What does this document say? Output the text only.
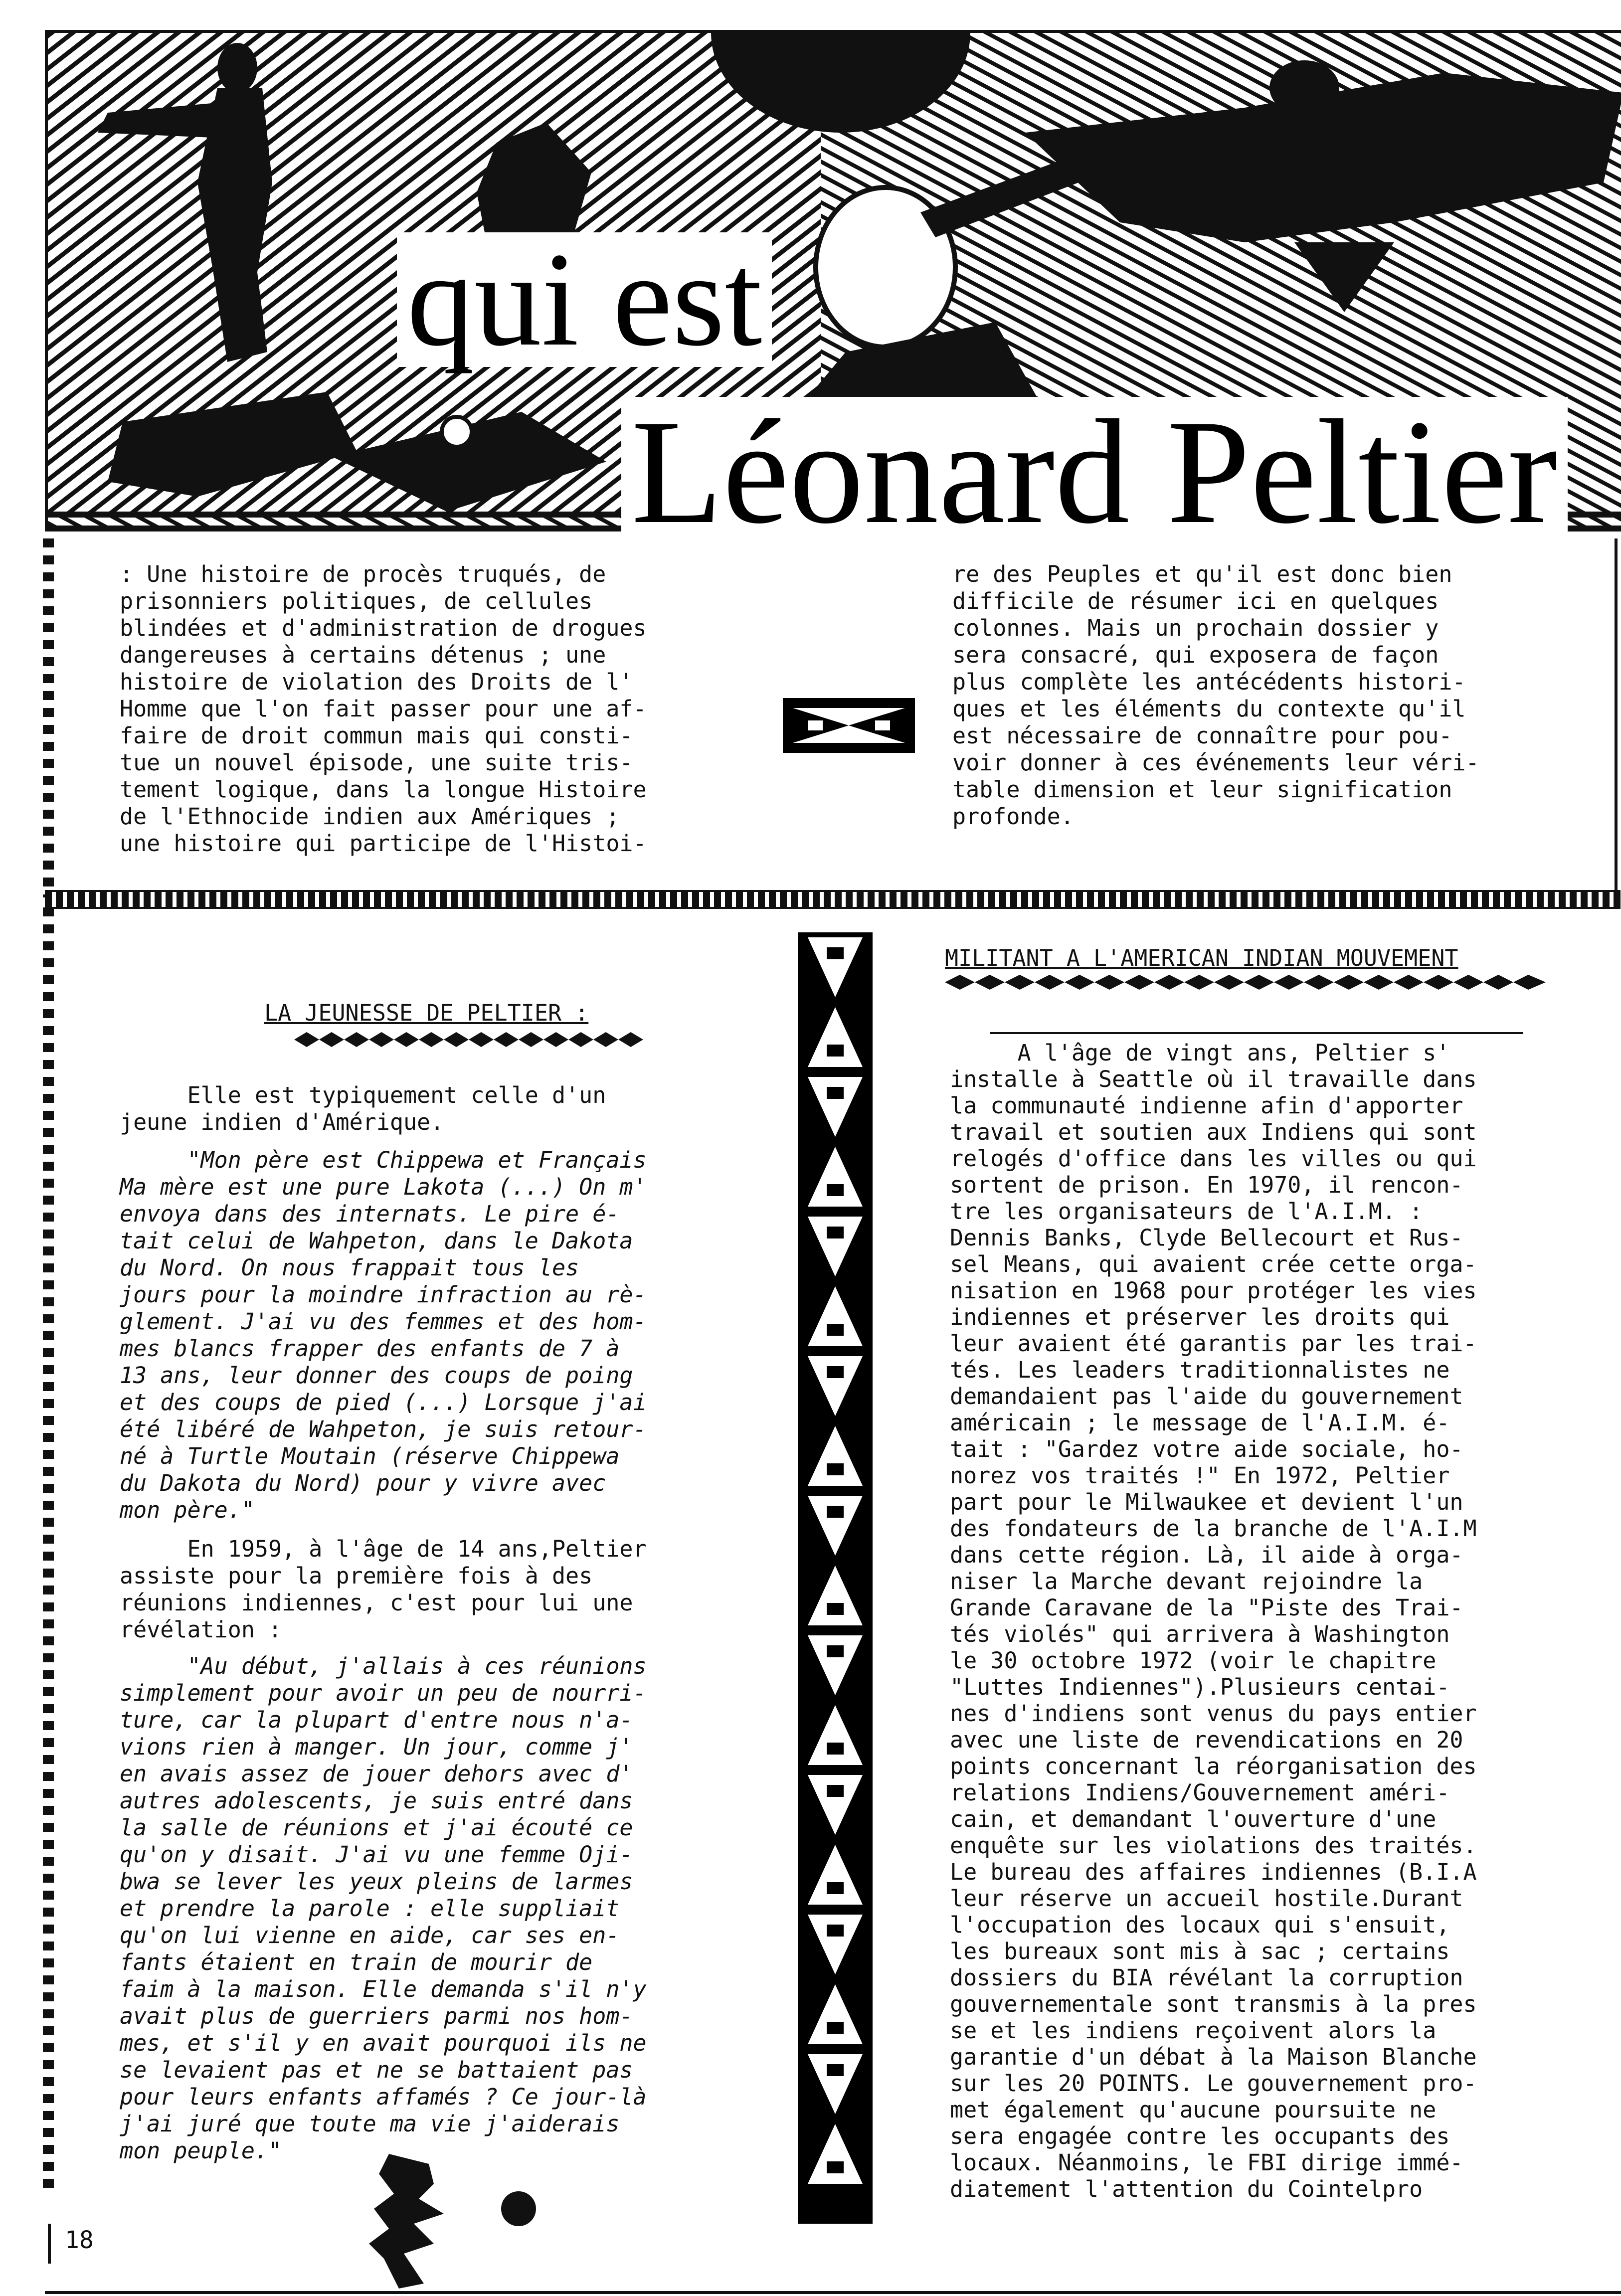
qui est
Léonard Peltier
: Une histoire de procès truqués, de
prisonniers politiques, de cellules
blindées et d'administration de drogues
dangereuses à certains détenus ; une
histoire de violation des Droits de l'
Homme que l'on fait passer pour une af-
faire de droit commun mais qui consti-
tue un nouvel épisode, une suite tris-
tement logique, dans la longue Histoire
de l'Ethnocide indien aux Amériques ;
une histoire qui participe de l'Histoi-
re des Peuples et qu'il est donc bien
difficile de résumer ici en quelques
colonnes. Mais un prochain dossier y
sera consacré, qui exposera de façon
plus complète les antécédents histori-
ques et les éléments du contexte qu'il
est nécessaire de connaître pour pou-
voir donner à ces événements leur véri-
table dimension et leur signification
profonde.
LA JEUNESSE DE PELTIER :
Elle est typiquement celle d'un
jeune indien d'Amérique.
"Mon père est Chippewa et Français
Ma mère est une pure Lakota (...) On m'
envoya dans des internats. Le pire é-
tait celui de Wahpeton, dans le Dakota
du Nord. On nous frappait tous les
jours pour la moindre infraction au rè-
glement. J'ai vu des femmes et des hom-
mes blancs frapper des enfants de 7 à
13 ans, leur donner des coups de poing
et des coups de pied (...) Lorsque j'ai
été libéré de Wahpeton, je suis retour-
né à Turtle Moutain (réserve Chippewa
du Dakota du Nord) pour y vivre avec
mon père."
En 1959, à l'âge de 14 ans,Peltier
assiste pour la première fois à des
réunions indiennes, c'est pour lui une
révélation :
"Au début, j'allais à ces réunions
simplement pour avoir un peu de nourri-
ture, car la plupart d'entre nous n'a-
vions rien à manger. Un jour, comme j'
en avais assez de jouer dehors avec d'
autres adolescents, je suis entré dans
la salle de réunions et j'ai écouté ce
qu'on y disait. J'ai vu une femme Oji-
bwa se lever les yeux pleins de larmes
et prendre la parole : elle suppliait
qu'on lui vienne en aide, car ses en-
fants étaient en train de mourir de
faim à la maison. Elle demanda s'il n'y
avait plus de guerriers parmi nos hom-
mes, et s'il y en avait pourquoi ils ne
se levaient pas et ne se battaient pas
pour leurs enfants affamés ? Ce jour-là
j'ai juré que toute ma vie j'aiderais
mon peuple."
MILITANT A L'AMERICAN INDIAN MOUVEMENT
A l'âge de vingt ans, Peltier s'
installe à Seattle où il travaille dans
la communauté indienne afin d'apporter
travail et soutien aux Indiens qui sont
relogés d'office dans les villes ou qui
sortent de prison. En 1970, il rencon-
tre les organisateurs de l'A.I.M. :
Dennis Banks, Clyde Bellecourt et Rus-
sel Means, qui avaient crée cette orga-
nisation en 1968 pour protéger les vies
indiennes et préserver les droits qui
leur avaient été garantis par les trai-
tés. Les leaders traditionnalistes ne
demandaient pas l'aide du gouvernement
américain ; le message de l'A.I.M. é-
tait : "Gardez votre aide sociale, ho-
norez vos traités !" En 1972, Peltier
part pour le Milwaukee et devient l'un
des fondateurs de la branche de l'A.I.M
dans cette région. Là, il aide à orga-
niser la Marche devant rejoindre la
Grande Caravane de la "Piste des Trai-
tés violés" qui arrivera à Washington
le 30 octobre 1972 (voir le chapitre
"Luttes Indiennes").Plusieurs centai-
nes d'indiens sont venus du pays entier
avec une liste de revendications en 20
points concernant la réorganisation des
relations Indiens/Gouvernement améri-
cain, et demandant l'ouverture d'une
enquête sur les violations des traités.
Le bureau des affaires indiennes (B.I.A
leur réserve un accueil hostile.Durant
l'occupation des locaux qui s'ensuit,
les bureaux sont mis à sac ; certains
dossiers du BIA révélant la corruption
gouvernementale sont transmis à la pres
se et les indiens reçoivent alors la
garantie d'un débat à la Maison Blanche
sur les 20 POINTS. Le gouvernement pro-
met également qu'aucune poursuite ne
sera engagée contre les occupants des
locaux. Néanmoins, le FBI dirige immé-
diatement l'attention du Cointelpro
18
